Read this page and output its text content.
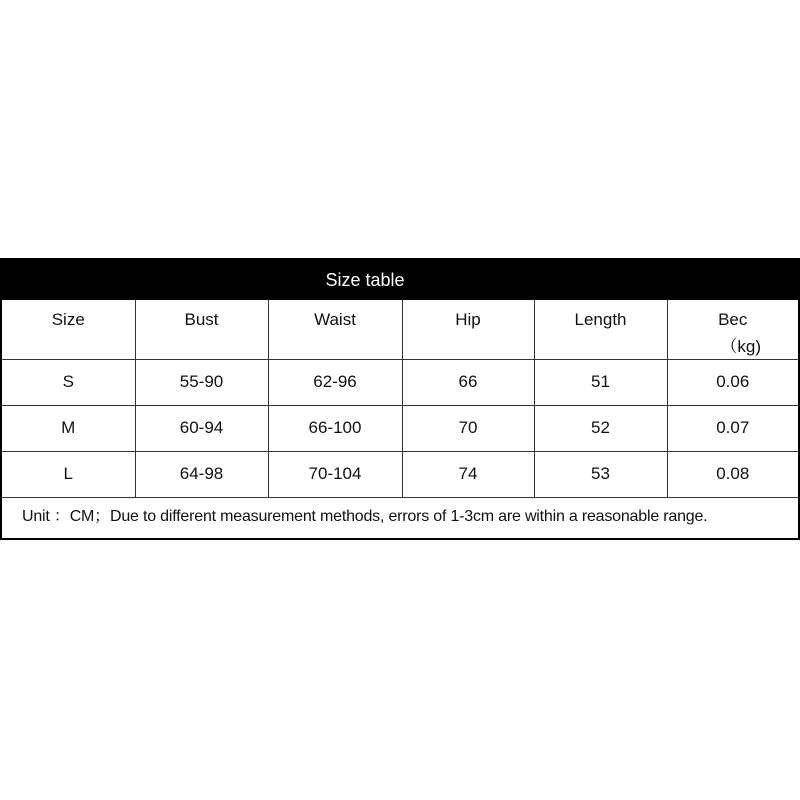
Size table
Size	Bust	Waist	Hip	Length	Bec
（kg)

S	55-90	62-96	66	51	0.06
M	60-94	66-100	70	52	0.07
L	64-98	70-104	74	53	0.08
Unit ：CM；Due to different measurement methods, errors of 1-3cm are within a reasonable range.
